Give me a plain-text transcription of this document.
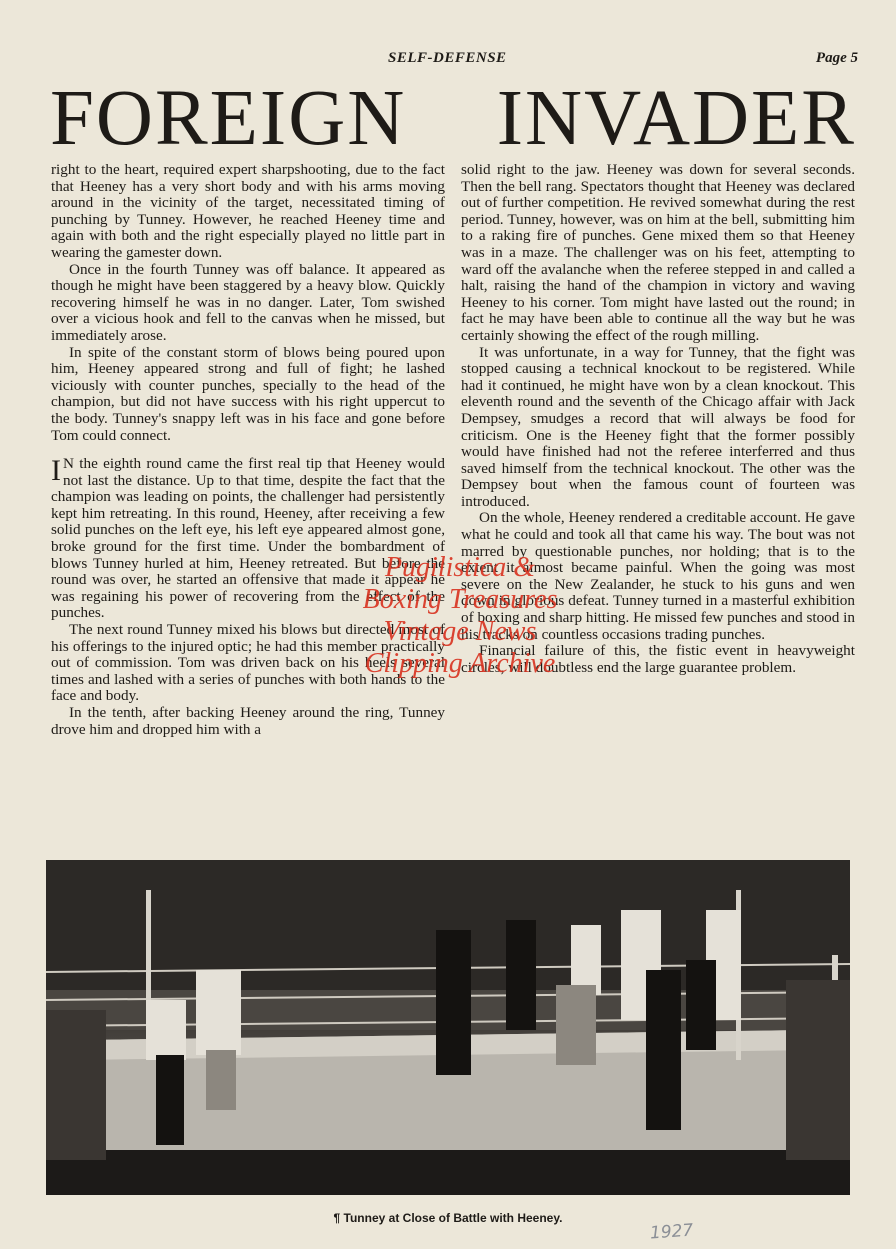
SELF-DEFENSE	Page 5
FOREIGN INVADER

right to the heart, required expert sharpshooting, due to the fact that Heeney has a very short body and with his arms moving around in the vicinity of the target, necessitated timing of punching by Tunney. However, he reached Heeney time and again with both and the right especially played no little part in wearing the gamester down.

Once in the fourth Tunney was off balance. It appeared as though he might have been staggered by a heavy blow. Quickly recovering himself he was in no danger. Later, Tom swished over a vicious hook and fell to the canvas when he missed, but immediately arose.

In spite of the constant storm of blows being poured upon him, Heeney appeared strong and full of fight; he lashed viciously with counter punches, specially to the head of the champion, but did not have success with his right uppercut to the body. Tunney's snappy left was in his face and gone before Tom could connect.

I N the eighth round came the first real tip that Heeney would not last the distance. Up to that time, despite the fact that the champion was leading on points, the challenger had persistently kept him retreating. In this round, Heeney, after receiving a few solid punches on the left eye, his left eye appeared almost gone, broke ground for the first time. Under the bombardment of blows Tunney hurled at him, Heeney retreated. But before the round was over, he started an offensive that made it appear he was regaining his power of recovering from the effect of the punches.

The next round Tunney mixed his blows but directed most of his offerings to the injured optic; he had this member practically out of commission. Tom was driven back on his heels several times and lashed with a series of punches with both hands to the face and body.

In the tenth, after backing Heeney around the ring, Tunney drove him and dropped him with a

solid right to the jaw. Heeney was down for several seconds. Then the bell rang. Spectators thought that Heeney was declared out of further competition. He revived somewhat during the rest period. Tunney, however, was on him at the bell, submitting him to a raking fire of punches. Gene mixed them so that Heeney was in a maze. The challenger was on his feet, attempting to ward off the avalanche when the referee stepped in and called a halt, raising the hand of the champion in victory and waving Heeney to his corner. Tom might have lasted out the round; in fact he may have been able to continue all the way but he was certainly showing the effect of the rough milling.

It was unfortunate, in a way for Tunney, that the fight was stopped causing a technical knockout to be registered. While had it continued, he might have won by a clean knockout. This eleventh round and the seventh of the Chicago affair with Jack Dempsey, smudges a record that will always be food for criticism. One is the Heeney fight that the former possibly would have finished had not the referee interferred and thus saved himself from the technical knockout. The other was the Dempsey bout when the famous count of fourteen was introduced.

On the whole, Heeney rendered a creditable account. He gave what he could and took all that came his way. The bout was not marred by questionable punches, nor holding; that is to the extent it almost became painful. When the going was most severe on the New Zealander, he stuck to his guns and wen down in glorious defeat. Tunney turned in a masterful exhibition of boxing and sharp hitting. He missed few punches and stood in his tracks on countless occasions trading punches.

Financial failure of this, the fistic event in heavyweight circles, will doubtless end the large guarantee problem.

Pugilistica &
Boxing Treasures
Vintage News
Clipping Archive
¶ Tunney at Close of Battle with Heeney.
1927
